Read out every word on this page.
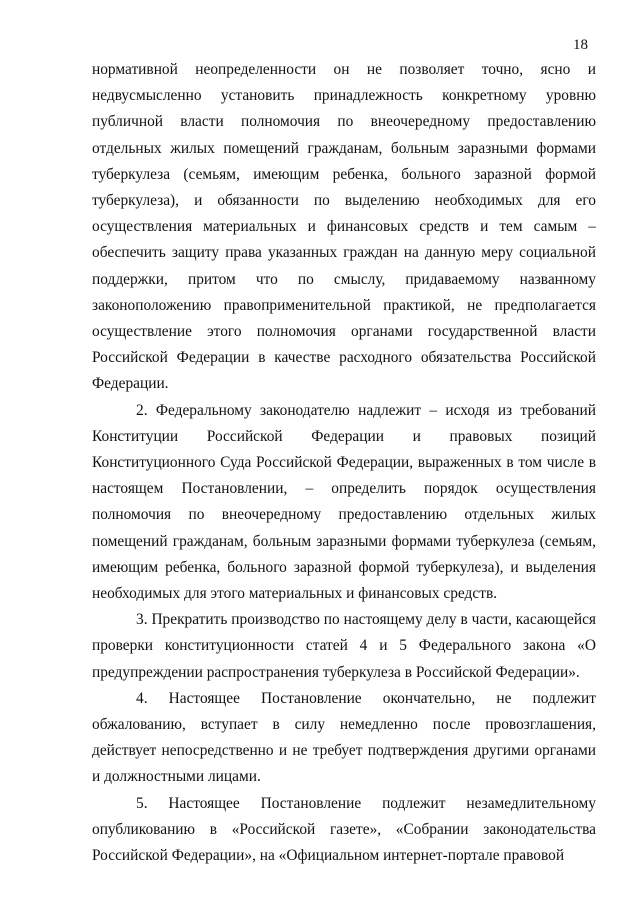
18

нормативной неопределенности он не позволяет точно, ясно и недвусмысленно установить принадлежность конкретному уровню публичной власти полномочия по внеочередному предоставлению отдельных жилых помещений гражданам, больным заразными формами туберкулеза (семьям, имеющим ребенка, больного заразной формой туберкулеза), и обязанности по выделению необходимых для его осуществления материальных и финансовых средств и тем самым – обеспечить защиту права указанных граждан на данную меру социальной поддержки, притом что по смыслу, придаваемому названному законоположению правоприменительной практикой, не предполагается осуществление этого полномочия органами государственной власти Российской Федерации в качестве расходного обязательства Российской Федерации.

2. Федеральному законодателю надлежит – исходя из требований Конституции Российской Федерации и правовых позиций Конституционного Суда Российской Федерации, выраженных в том числе в настоящем Постановлении, – определить порядок осуществления полномочия по внеочередному предоставлению отдельных жилых помещений гражданам, больным заразными формами туберкулеза (семьям, имеющим ребенка, больного заразной формой туберкулеза), и выделения необходимых для этого материальных и финансовых средств.

3. Прекратить производство по настоящему делу в части, касающейся проверки конституционности статей 4 и 5 Федерального закона «О предупреждении распространения туберкулеза в Российской Федерации».

4. Настоящее Постановление окончательно, не подлежит обжалованию, вступает в силу немедленно после провозглашения, действует непосредственно и не требует подтверждения другими органами и должностными лицами.

5. Настоящее Постановление подлежит незамедлительному опубликованию в «Российской газете», «Собрании законодательства Российской Федерации», на «Официальном интернет-портале правовой
